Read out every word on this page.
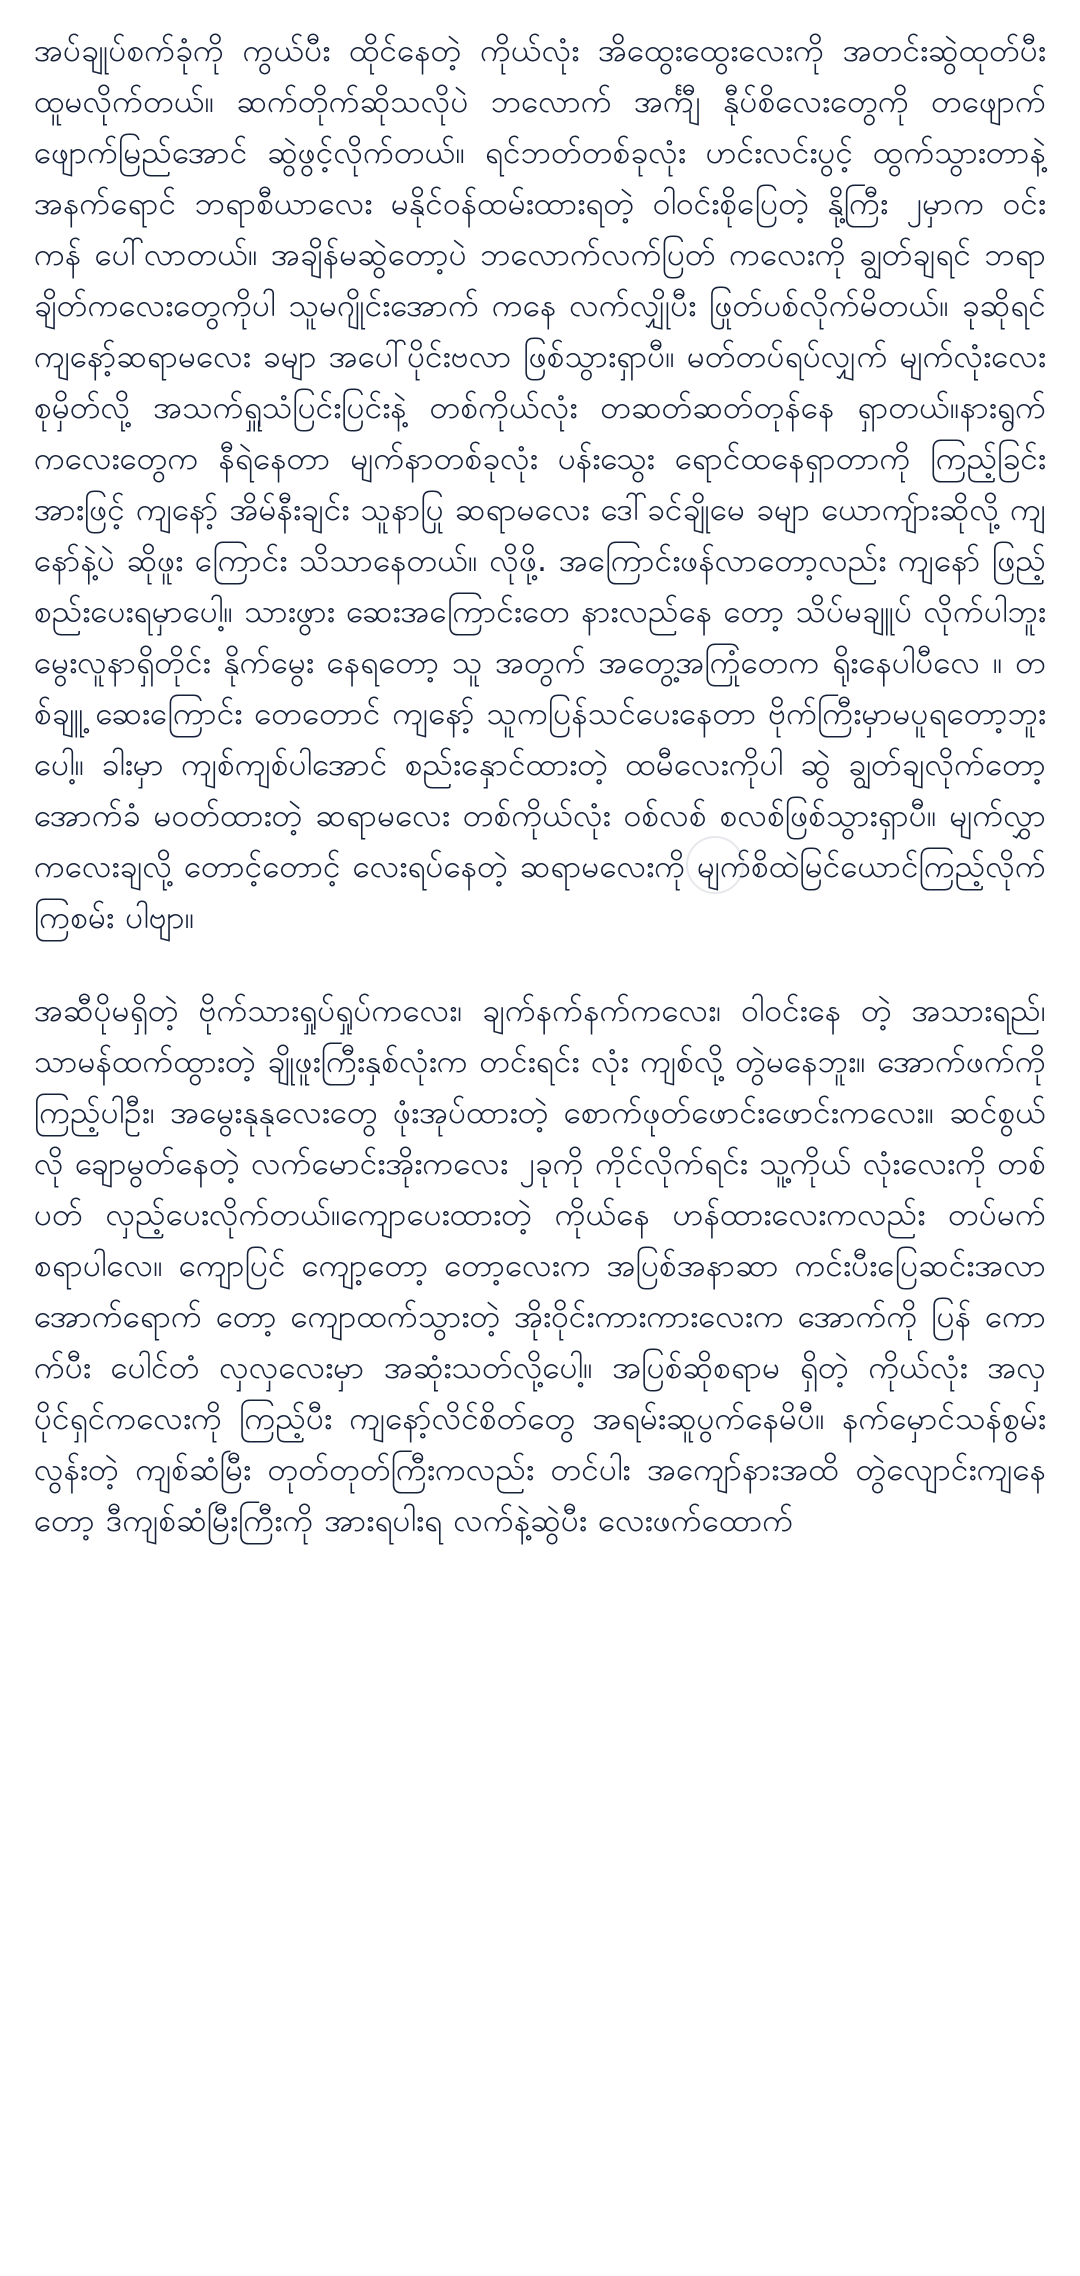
အပ်ချုပ်စက်ခုံကို ကွယ်ပီး ထိုင်နေတဲ့ ကိုယ်လုံး အိထွေးထွေးလေးကို အတင်းဆွဲထုတ်ပီး ထူမလိုက်တယ်။ ဆက်တိုက်ဆိုသလိုပဲ ဘလောက် အင်္ကျီ နီုပ်စိလေးတွေကို တဖျောက်ဖျောက်မြည်အောင် ဆွဲဖွင့်လိုက်တယ်။ ရင်ဘတ်တစ်ခုလုံး ဟင်းလင်းပွင့် ထွက်သွားတာနဲ့ အနက်ရောင် ဘရာစီယာလေး မနိုင်ဝန်ထမ်းထားရတဲ့ ဝါဝင်းစိုပြေတဲ့ နို့ကြီး ၂မှာက ဝင်းကန် ပေါ်လာတယ်။ အချိန်မဆွဲတော့ပဲ ဘလောက်လက်ပြတ် ကလေးကို ချွတ်ချရင် ဘရာချိတ်ကလေးတွေကိုပါ သူမဂျိုင်းအောက် ကနေ လက်လျှိုပီး ဖြုတ်ပစ်လိုက်မိတယ်။ ခုဆိုရင် ကျနော့်ဆရာမလေး ခမျာ အပေါ်ပိုင်းဗလာ ဖြစ်သွားရှာပီ။ မတ်တပ်ရပ်လျှက် မျက်လုံးလေး စုမှိတ်လို့ အသက်ရှူသံပြင်းပြင်းနဲ့ တစ်ကိုယ်လုံး တဆတ်ဆတ်တုန်နေ ရှာတယ်။နားရွက်ကလေးတွေက နီရဲနေတာ မျက်နာတစ်ခုလုံး ပန်းသွေး ရောင်ထနေရှာတာကို ကြည့်ခြင်းအားဖြင့် ကျနော့် အိမ်နီးချင်း သူနာပြု ဆရာမလေး ဒေါ်ခင်ချိုမေ ခမျာ ယောကျ်ားဆိုလို့ ကျနော်နဲ့ပဲ ဆိုဖူး ကြောင်း သိသာနေတယ်။ လိုဖို့. အကြောင်းဖန်လာတော့လည်း ကျနော် ဖြည့်စည်းပေးရမှာပေါ့။ သားဖွား ဆေးအကြောင်းတေ နားလည်နေ တော့ သိပ်မချူပ် လိုက်ပါဘူး မွေးလူနာရှိတိုင်း နိုက်မွေး နေရတော့ သူ အတွက် အတွေ့အကြုံတေက ရိုးနေပါပီလေ ။ တစ်ချူ့ ဆေးကြောင်း တေတောင် ကျနော့် သူကပြန်သင်ပေးနေတာ ဗိုက်ကြီးမှာမပူရတော့ဘူး ပေါ့။ ခါးမှာ ကျစ်ကျစ်ပါအောင် စည်းနှောင်ထားတဲ့ ထမီလေးကိုပါ ဆွဲ ချွတ်ချလိုက်တော့ အောက်ခံ မဝတ်ထားတဲ့ ဆရာမလေး တစ်ကိုယ်လုံး ဝစ်လစ် စလစ်ဖြစ်သွားရှာပီ။ မျက်လွှာကလေးချလို့ တောင့်တောင့် လေးရပ်နေတဲ့ ဆရာမလေးကို မျက်စိထဲမြင်ယောင်ကြည့်လိုက်ကြစမ်း ပါဗျာ။

အဆီပိုမရှိတဲ့ ဗိုက်သားရှုပ်ရှုပ်ကလေး၊ ချက်နက်နက်ကလေး၊ ဝါဝင်းနေ တဲ့ အသားရည်၊ သာမန်ထက်ထွားတဲ့ ချိုဖူးကြီးနှစ်လုံးက တင်းရင်း လုံး ကျစ်လို့ တွဲမနေဘူး။ အောက်ဖက်ကို ကြည့်ပါဦး၊ အမွေးနုနုလေးတွေ ဖုံးအုပ်ထားတဲ့ စောက်ဖုတ်ဖောင်းဖောင်းကလေး။ ဆင်စွယ်လို ချောမွတ်နေတဲ့ လက်မောင်းအိုးကလေး ၂ခုကို ကိုင်လိုက်ရင်း သူ့ကိုယ် လုံးလေးကို တစ်ပတ် လှည့်ပေးလိုက်တယ်။ကျောပေးထားတဲ့ ကိုယ်နေ ဟန်ထားလေးကလည်း တပ်မက်စရာပါလေ။ ကျောပြင် ကျော့တော့ တော့လေးက အပြစ်အနာဆာ ကင်းပီးပြေဆင်းအလာ အောက်ရောက် တော့ ကျောထက်သွားတဲ့ အိုးဝိုင်းကားကားလေးက အောက်ကို ပြန် ကောက်ပီး ပေါင်တံ လှလှလေးမှာ အဆုံးသတ်လို့ပေါ့။ အပြစ်ဆိုစရာမ ရှိတဲ့ ကိုယ်လုံး အလှပိုင်ရှင်ကလေးကို ကြည့်ပီး ကျနော့်လိင်စိတ်တွေ အရမ်းဆူပွက်နေမိပီ။ နက်မှောင်သန်စွမ်းလွန်းတဲ့ ကျစ်ဆံမြီး တုတ်တုတ်ကြီးကလည်း တင်ပါး အကျော်နားအထိ တွဲလျောင်းကျနေ တော့ ဒီကျစ်ဆံမြီးကြီးကို အားရပါးရ လက်နဲ့ဆွဲပီး လေးဖက်ထောက်
